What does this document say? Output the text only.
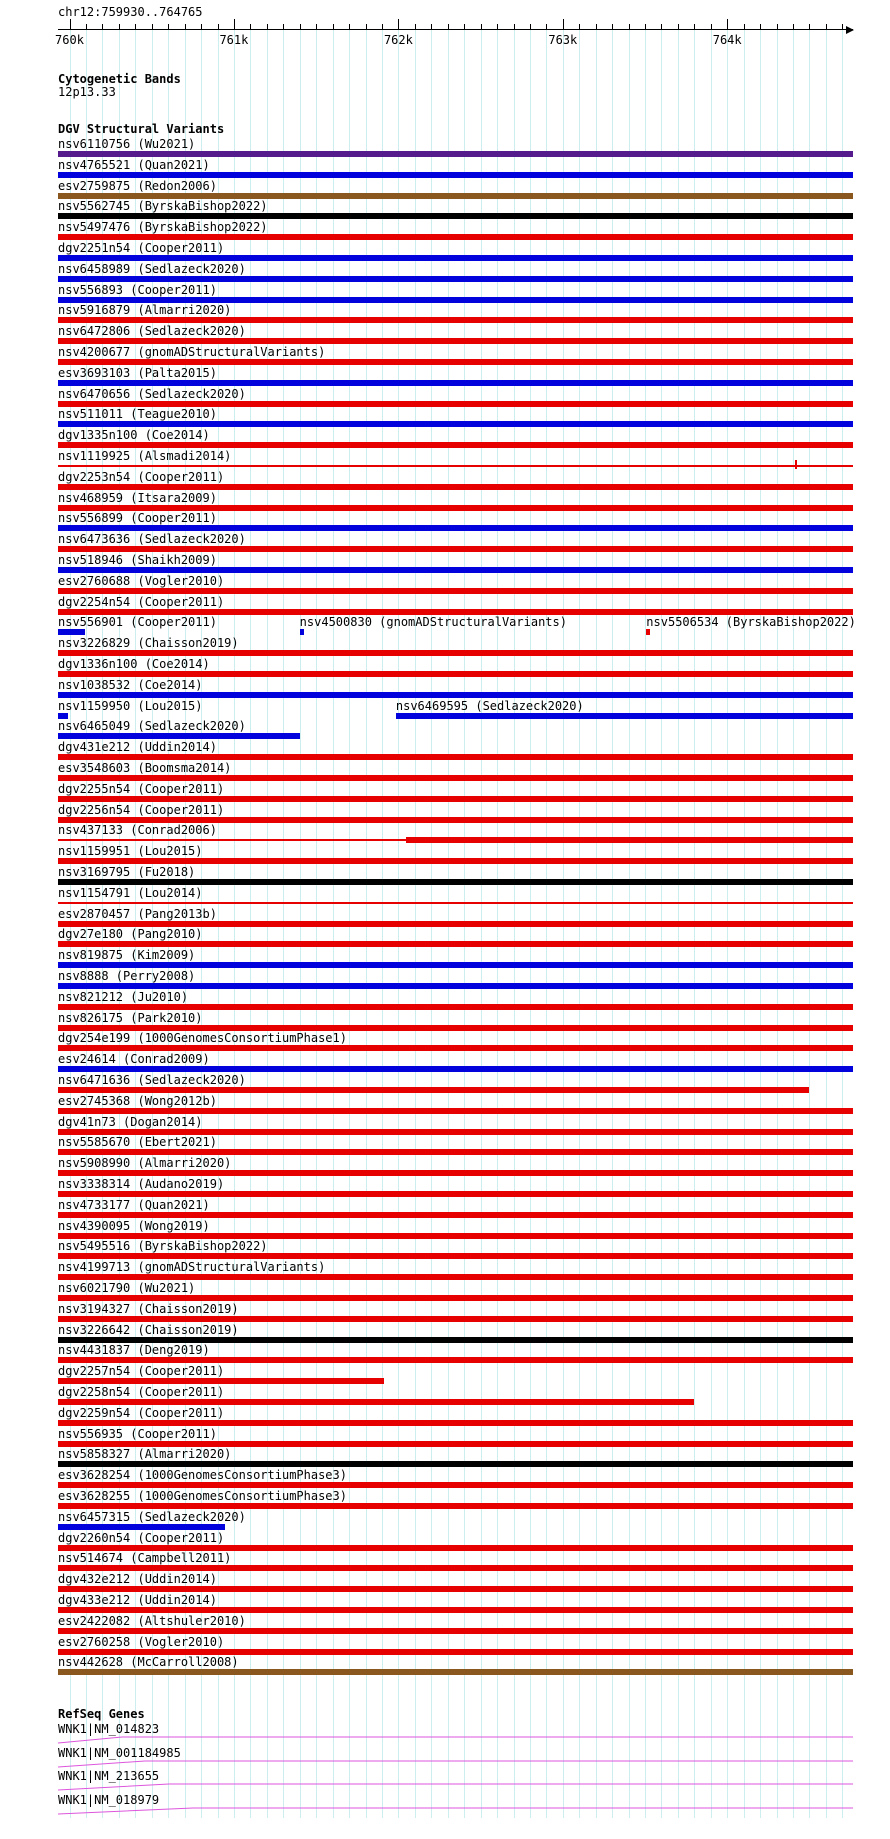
chr12:759930..764765
760k	761k	762k	763k	764k
Cytogenetic Bands
12p13.33
DGV Structural Variants
nsv6110756 (Wu2021)
nsv4765521 (Quan2021)
esv2759875 (Redon2006)
nsv5562745 (ByrskaBishop2022)
nsv5497476 (ByrskaBishop2022)
dgv2251n54 (Cooper2011)
nsv6458989 (Sedlazeck2020)
nsv556893 (Cooper2011)
nsv5916879 (Almarri2020)
nsv6472806 (Sedlazeck2020)
nsv4200677 (gnomADStructuralVariants)
esv3693103 (Palta2015)
nsv6470656 (Sedlazeck2020)
nsv511011 (Teague2010)
dgv1335n100 (Coe2014)
nsv1119925 (Alsmadi2014)
dgv2253n54 (Cooper2011)
nsv468959 (Itsara2009)
nsv556899 (Cooper2011)
nsv6473636 (Sedlazeck2020)
nsv518946 (Shaikh2009)
esv2760688 (Vogler2010)
dgv2254n54 (Cooper2011)
nsv556901 (Cooper2011)	nsv4500830 (gnomADStructuralVariants)	nsv5506534 (ByrskaBishop2022)
nsv3226829 (Chaisson2019)
dgv1336n100 (Coe2014)
nsv1038532 (Coe2014)
nsv1159950 (Lou2015)	nsv6469595 (Sedlazeck2020)
nsv6465049 (Sedlazeck2020)
dgv431e212 (Uddin2014)
esv3548603 (Boomsma2014)
dgv2255n54 (Cooper2011)
dgv2256n54 (Cooper2011)
nsv437133 (Conrad2006)
nsv1159951 (Lou2015)
nsv3169795 (Fu2018)
nsv1154791 (Lou2014)
esv2870457 (Pang2013b)
dgv27e180 (Pang2010)
nsv819875 (Kim2009)
nsv8888 (Perry2008)
nsv821212 (Ju2010)
nsv826175 (Park2010)
dgv254e199 (1000GenomesConsortiumPhase1)
esv24614 (Conrad2009)
nsv6471636 (Sedlazeck2020)
esv2745368 (Wong2012b)
dgv41n73 (Dogan2014)
nsv5585670 (Ebert2021)
nsv5908990 (Almarri2020)
nsv3338314 (Audano2019)
nsv4733177 (Quan2021)
nsv4390095 (Wong2019)
nsv5495516 (ByrskaBishop2022)
nsv4199713 (gnomADStructuralVariants)
nsv6021790 (Wu2021)
nsv3194327 (Chaisson2019)
nsv3226642 (Chaisson2019)
nsv4431837 (Deng2019)
dgv2257n54 (Cooper2011)
dgv2258n54 (Cooper2011)
dgv2259n54 (Cooper2011)
nsv556935 (Cooper2011)
nsv5858327 (Almarri2020)
esv3628254 (1000GenomesConsortiumPhase3)
esv3628255 (1000GenomesConsortiumPhase3)
nsv6457315 (Sedlazeck2020)
dgv2260n54 (Cooper2011)
nsv514674 (Campbell2011)
dgv432e212 (Uddin2014)
dgv433e212 (Uddin2014)
esv2422082 (Altshuler2010)
esv2760258 (Vogler2010)
nsv442628 (McCarroll2008)
RefSeq Genes
WNK1|NM_014823
WNK1|NM_001184985
WNK1|NM_213655
WNK1|NM_018979
